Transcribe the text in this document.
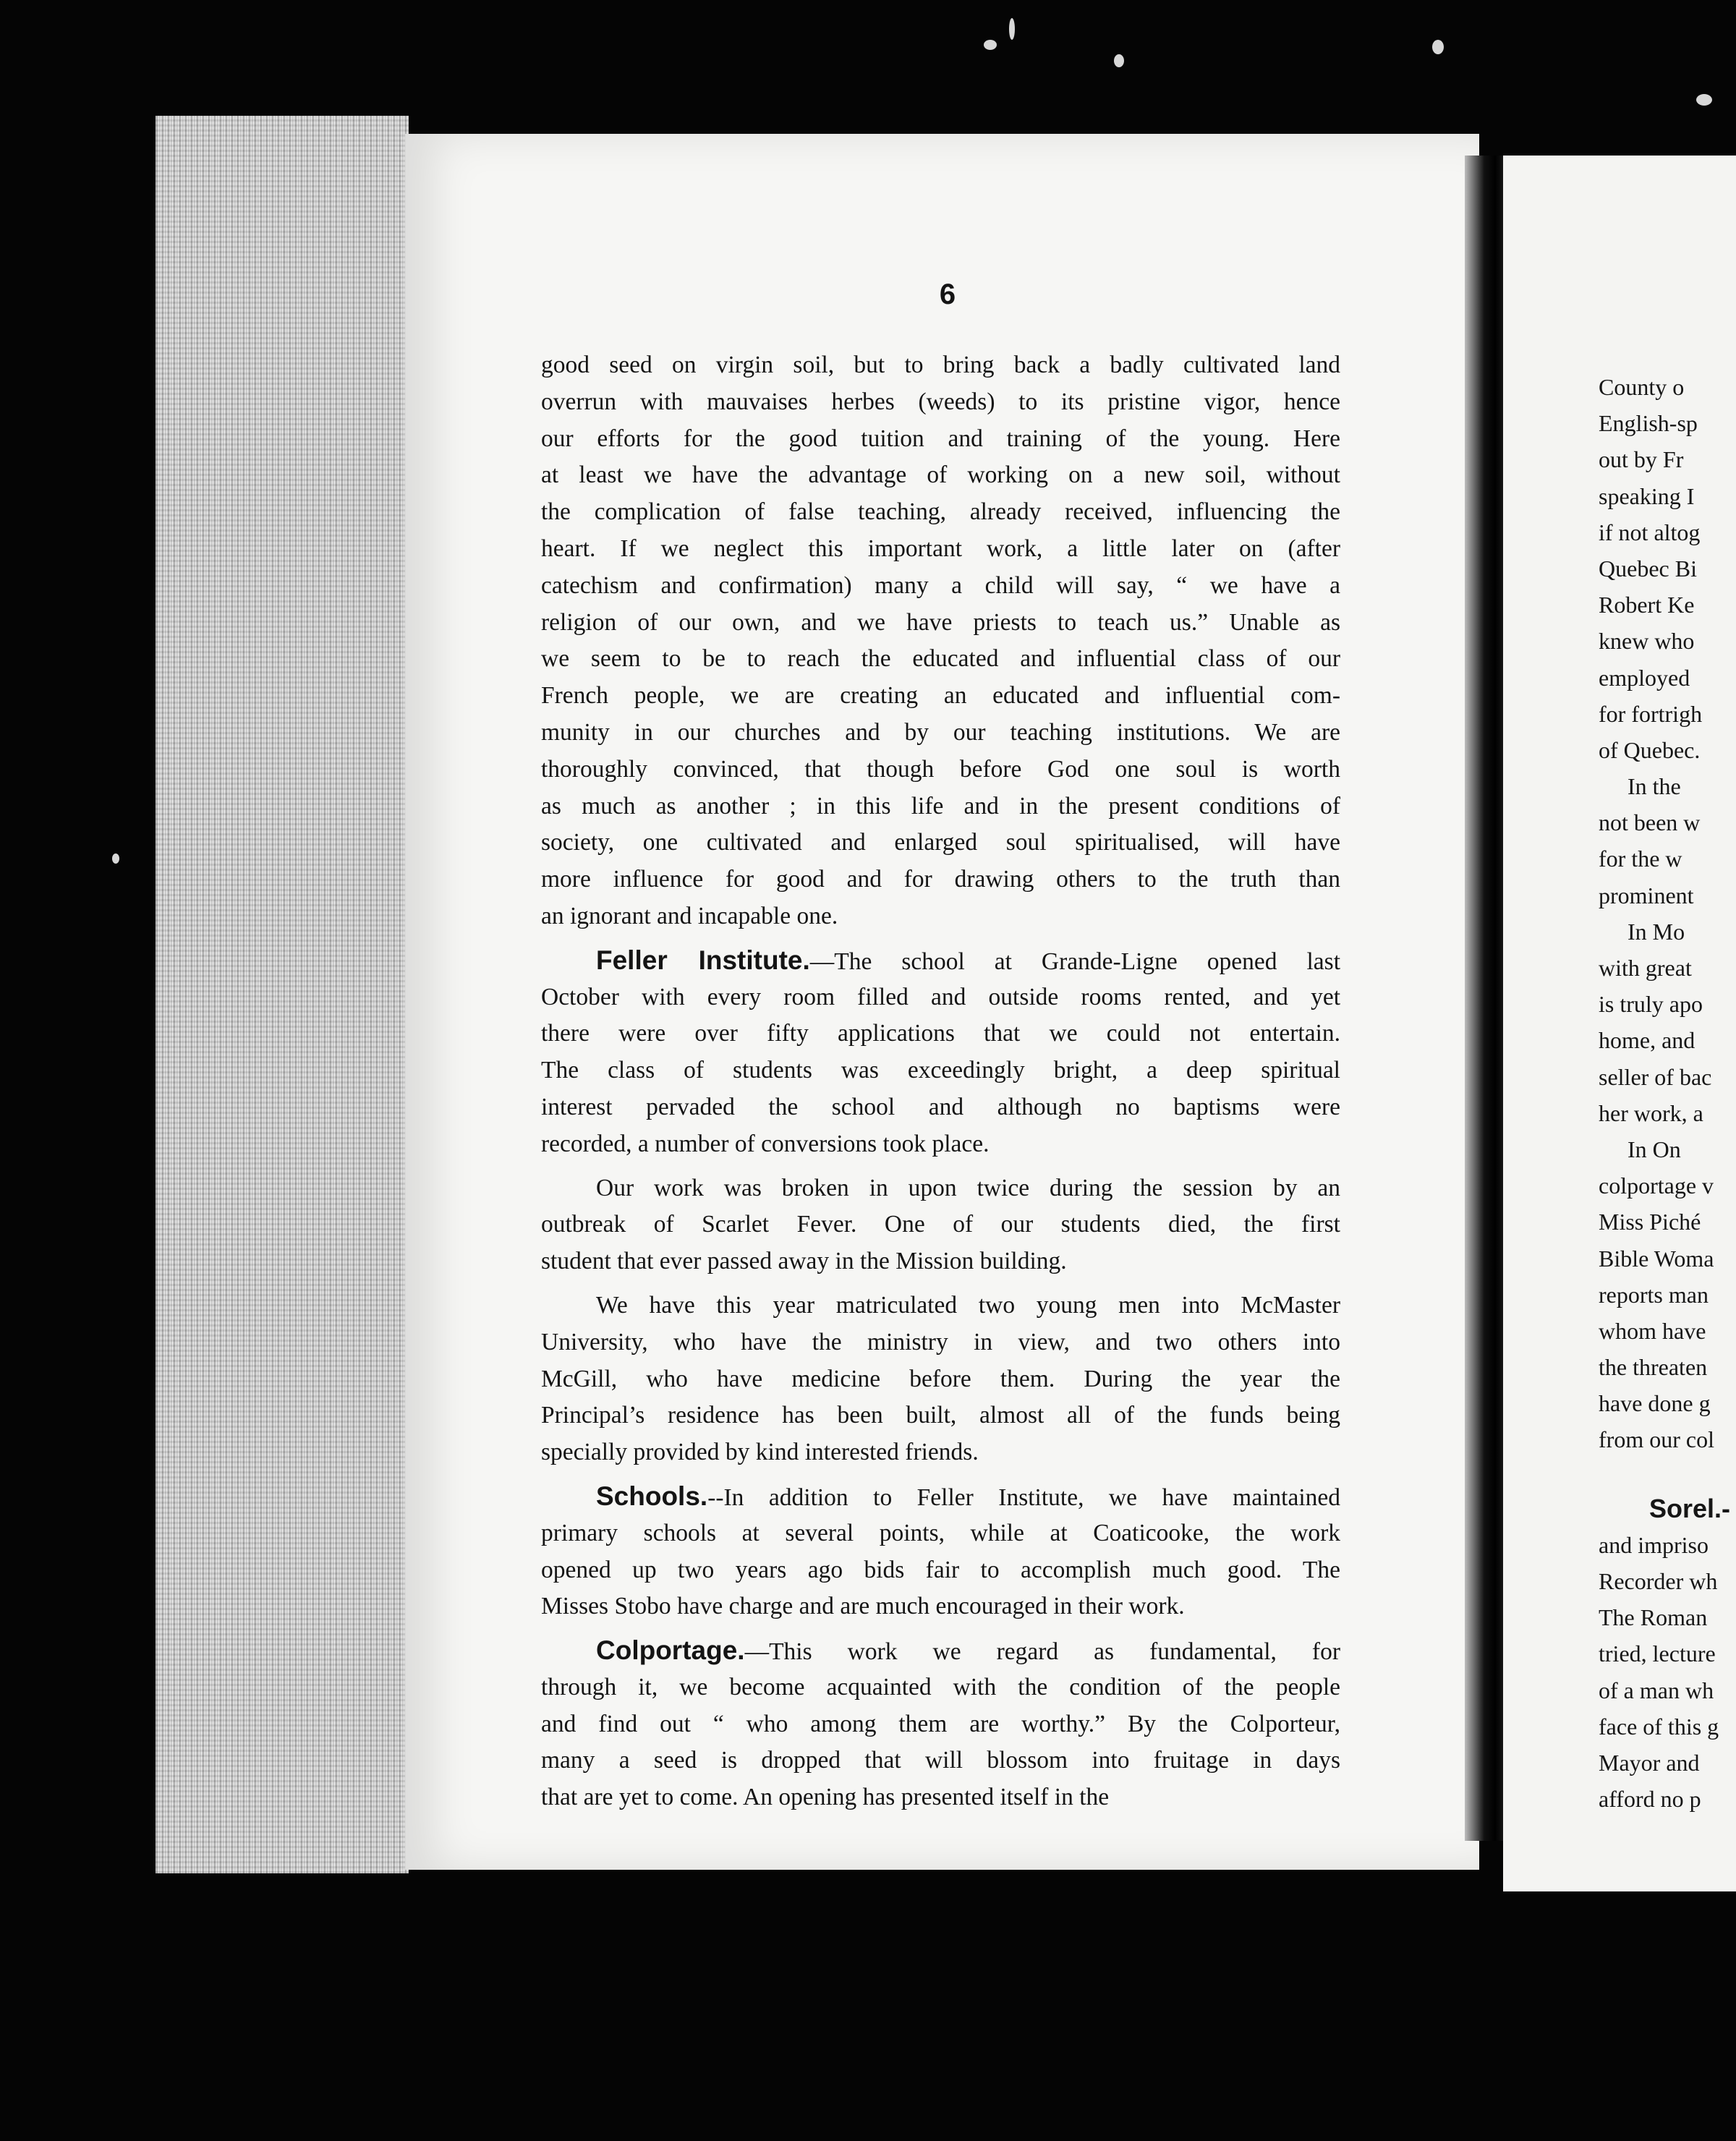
6
good seed on virgin soil, but to bring back a badly cultivated land
overrun with mauvaises herbes (weeds) to its pristine vigor, hence
our efforts for the good tuition and training of the young. Here
at least we have the advantage of working on a new soil, without
the complication of false teaching, already received, influencing the
heart. If we neglect this important work, a little later on (after
catechism and confirmation) many a child will say, “ we have a
religion of our own, and we have priests to teach us.” Unable as
we seem to be to reach the educated and influential class of our
French people, we are creating an educated and influential com-
munity in our churches and by our teaching institutions. We are
thoroughly convinced, that though before God one soul is worth
as much as another ; in this life and in the present conditions of
society, one cultivated and enlarged soul spiritualised, will have
more influence for good and for drawing others to the truth than
an ignorant and incapable one.
Feller Institute.—The school at Grande-Ligne opened last
October with every room filled and outside rooms rented, and yet
there were over fifty applications that we could not entertain.
The class of students was exceedingly bright, a deep spiritual
interest pervaded the school and although no baptisms were
recorded, a number of conversions took place.
Our work was broken in upon twice during the session by an
outbreak of Scarlet Fever. One of our students died, the first
student that ever passed away in the Mission building.
We have this year matriculated two young men into McMaster
University, who have the ministry in view, and two others into
McGill, who have medicine before them. During the year the
Principal’s residence has been built, almost all of the funds being
specially provided by kind interested friends.
Schools.--In addition to Feller Institute, we have maintained
primary schools at several points, while at Coaticooke, the work
opened up two years ago bids fair to accomplish much good. The
Misses Stobo have charge and are much encouraged in their work.
Colportage.—This work we regard as fundamental, for
through it, we become acquainted with the condition of the people
and find out “ who among them are worthy.” By the Colporteur,
many a seed is dropped that will blossom into fruitage in days
that are yet to come. An opening has presented itself in the
County o
English-sp
out by Fr
speaking I
if not altog
Quebec Bi
Robert Ke
knew who
employed
for fortrigh
of Quebec.
In the
not been w
for the w
prominent
In Mo
with great
is truly apo
home, and
seller of bac
her work, a
In On
colportage v
Miss Piché
Bible Woma
reports man
whom have
the threaten
have done g
from our col
Sorel.-
and impriso
Recorder wh
The Roman
tried, lecture
of a man wh
face of this g
Mayor and
afford no p
